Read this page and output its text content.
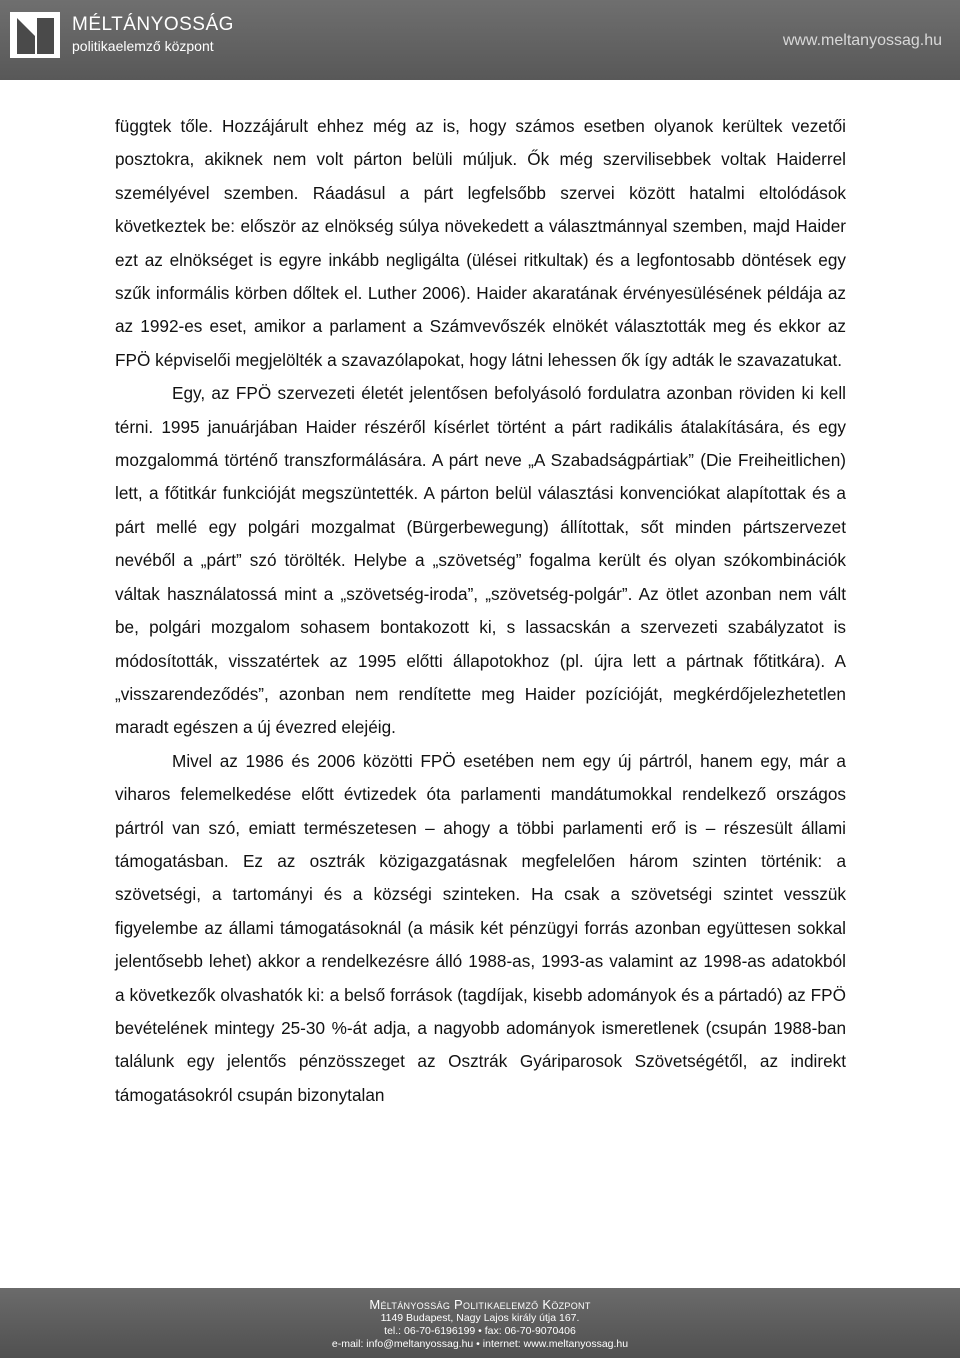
MÉLTÁNYOSSÁG
politikaelemző központ	www.meltanyossag.hu

függtek tőle. Hozzájárult ehhez még az is, hogy számos esetben olyanok kerültek vezetői posztokra, akiknek nem volt párton belüli múljuk. Ők még szervilisebbek voltak Haiderrel személyével szemben. Ráadásul a párt legfelsőbb szervei között hatalmi eltolódások következtek be: először az elnökség súlya növekedett a választmánnyal szemben, majd Haider ezt az elnökséget is egyre inkább negligálta (ülései ritkultak) és a legfontosabb döntések egy szűk informális körben dőltek el. Luther 2006). Haider akaratának érvényesülésének példája az az 1992-es eset, amikor a parlament a Számvevőszék elnökét választották meg és ekkor az FPÖ képviselői megjelölték a szavazólapokat, hogy látni lehessen ők így adták le szavazatukat.

Egy, az FPÖ szervezeti életét jelentősen befolyásoló fordulatra azonban röviden ki kell térni. 1995 januárjában Haider részéről kísérlet történt a párt radikális átalakítására, és egy mozgalommá történő transzformálására. A párt neve „A Szabadságpártiak” (Die Freiheitlichen) lett, a főtitkár funkcióját megszüntették. A párton belül választási konvenciókat alapítottak és a párt mellé egy polgári mozgalmat (Bürgerbewegung) állítottak, sőt minden pártszervezet nevéből a „párt” szó törölték. Helybe a „szövetség” fogalma került és olyan szókombinációk váltak használatossá mint a „szövetség-iroda”, „szövetség-polgár”. Az ötlet azonban nem vált be, polgári mozgalom sohasem bontakozott ki, s lassacskán a szervezeti szabályzatot is módosították, visszatértek az 1995 előtti állapotokhoz (pl. újra lett a pártnak főtitkára). A „visszarendeződés”, azonban nem rendítette meg Haider pozícióját, megkérdőjelezhetetlen maradt egészen a új évezred elejéig.

Mivel az 1986 és 2006 közötti FPÖ esetében nem egy új pártról, hanem egy, már a viharos felemelkedése előtt évtizedek óta parlamenti mandátumokkal rendelkező országos pártról van szó, emiatt természetesen – ahogy a többi parlamenti erő is – részesült állami támogatásban. Ez az osztrák közigazgatásnak megfelelően három szinten történik: a szövetségi, a tartományi és a községi szinteken. Ha csak a szövetségi szintet vesszük figyelembe az állami támogatásoknál (a másik két pénzügyi forrás azonban együttesen sokkal jelentősebb lehet) akkor a rendelkezésre álló 1988-as, 1993-as valamint az 1998-as adatokból a következők olvashatók ki: a belső források (tagdíjak, kisebb adományok és a pártadó) az FPÖ bevételének mintegy 25-30 %-át adja, a nagyobb adományok ismeretlenek (csupán 1988-ban találunk egy jelentős pénzösszeget az Osztrák Gyáriparosok Szövetségétől, az indirekt támogatásokról csupán bizonytalan

Méltányosság Politikaelemző Központ
1149 Budapest, Nagy Lajos király útja 167.
tel.: 06-70-6196199 • fax: 06-70-9070406
e-mail: info@meltanyossag.hu • internet: www.meltanyossag.hu
